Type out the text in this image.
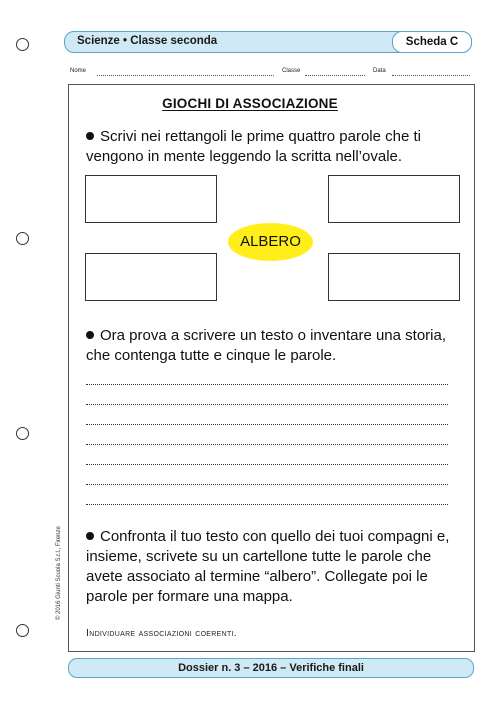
Scienze • Classe seconda	Scheda C
Nome	Classe	Data
GIOCHI DI ASSOCIAZIONE
Scrivi nei rettangoli le prime quattro parole che ti vengono in mente leggendo la scritta nell’ovale.
ALBERO
Ora prova a scrivere un testo o inventare una storia, che contenga tutte e cinque le parole.
Confronta il tuo testo con quello dei tuoi compagni e, insieme, scrivete su un cartellone tutte le parole che avete associato al termine “albero”. Collegate poi le parole per formare una mappa.
Individuare associazioni coerenti.
© 2016 Giunti Scuola S.r.l., Firenze
Dossier n. 3 – 2016 – Verifiche finali
